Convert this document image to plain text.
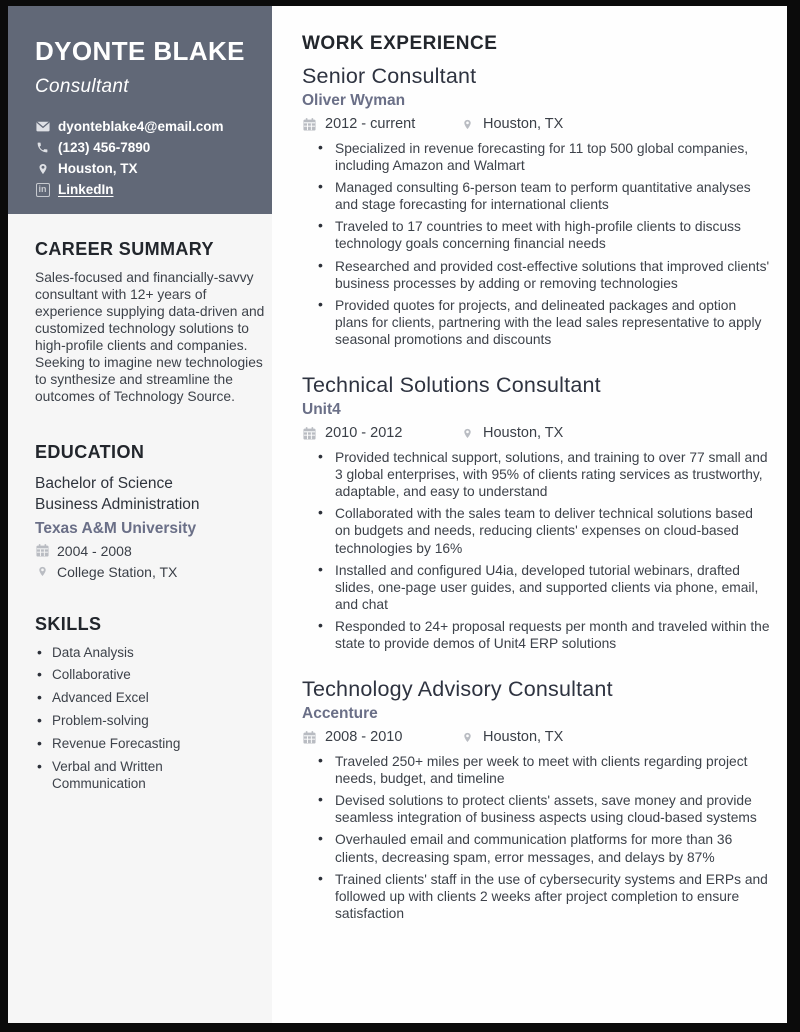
DYONTE BLAKE
Consultant
dyonteblake4@email.com
(123) 456-7890
Houston, TX
in LinkedIn
CAREER SUMMARY

Sales-focused and financially-savvy consultant with 12+ years of experience supplying data-driven and customized technology solutions to high-profile clients and companies. Seeking to imagine new technologies to synthesize and streamline the outcomes of Technology Source.

EDUCATION
Bachelor of Science
Business Administration
Texas A&M University
2004 - 2008
College Station, TX
SKILLS
• Data Analysis
• Collaborative
• Advanced Excel
• Problem-solving
• Revenue Forecasting
• Verbal and Written Communication
WORK EXPERIENCE
Senior Consultant
Oliver Wyman
2012 - current	Houston, TX
• Specialized in revenue forecasting for 11 top 500 global companies, including Amazon and Walmart
• Managed consulting 6-person team to perform quantitative analyses and stage forecasting for international clients
• Traveled to 17 countries to meet with high-profile clients to discuss technology goals concerning financial needs
• Researched and provided cost-effective solutions that improved clients' business processes by adding or removing technologies
• Provided quotes for projects, and delineated packages and option plans for clients, partnering with the lead sales representative to apply seasonal promotions and discounts
Technical Solutions Consultant
Unit4
2010 - 2012	Houston, TX
• Provided technical support, solutions, and training to over 77 small and 3 global enterprises, with 95% of clients rating services as trustworthy, adaptable, and easy to understand
• Collaborated with the sales team to deliver technical solutions based on budgets and needs, reducing clients' expenses on cloud-based technologies by 16%
• Installed and configured U4ia, developed tutorial webinars, drafted slides, one-page user guides, and supported clients via phone, email, and chat
• Responded to 24+ proposal requests per month and traveled within the state to provide demos of Unit4 ERP solutions
Technology Advisory Consultant
Accenture
2008 - 2010	Houston, TX
• Traveled 250+ miles per week to meet with clients regarding project needs, budget, and timeline
• Devised solutions to protect clients' assets, save money and provide seamless integration of business aspects using cloud-based systems
• Overhauled email and communication platforms for more than 36 clients, decreasing spam, error messages, and delays by 87%
• Trained clients' staff in the use of cybersecurity systems and ERPs and followed up with clients 2 weeks after project completion to ensure satisfaction
